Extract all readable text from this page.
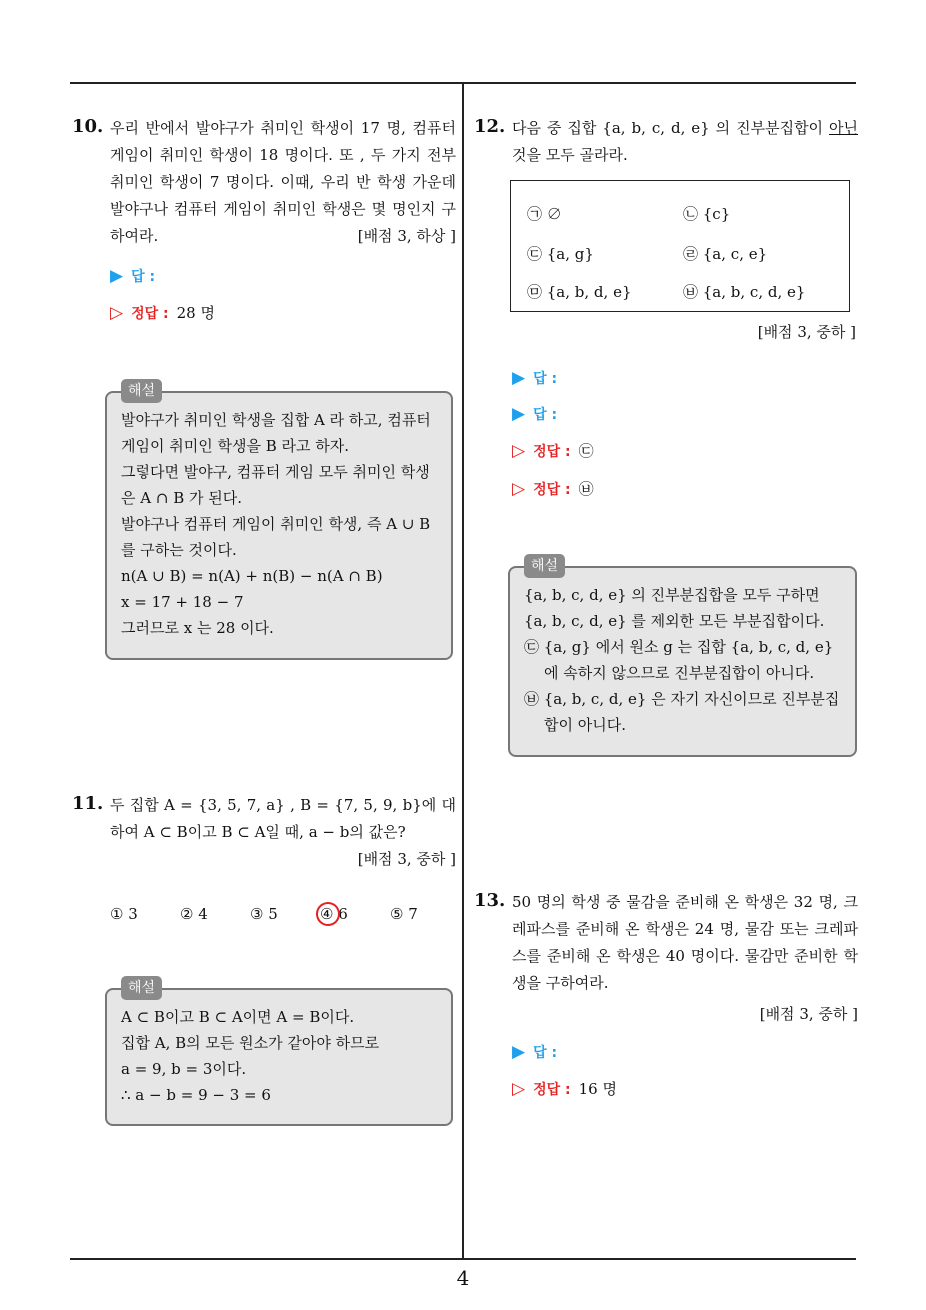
4
10. 우리 반에서 발야구가 취미인 학생이 17 명, 컴퓨터 게임이 취미인 학생이 18 명이다. 또 , 두 가지 전부 취미인 학생이 7 명이다. 이때, 우리 반 학생 가운데 발야구나 컴퓨터 게임이 취미인 학생은 몇 명인지 구하여라.	[배점 3, 하상 ]
▶ 답 :
▷ 정답 : 28 명
해설

발야구가 취미인 학생을 집합 A 라 하고, 컴퓨터 게임이 취미인 학생을 B 라고 하자.

그렇다면 발야구, 컴퓨터 게임 모두 취미인 학생은 A ∩ B 가 된다.

발야구나 컴퓨터 게임이 취미인 학생, 즉 A ∪ B 를 구하는 것이다.

n(A ∪ B) = n(A) + n(B) − n(A ∩ B)

x = 17 + 18 − 7

그러므로 x 는 28 이다.

11. 두 집합 A = {3, 5, 7, a} , B = {7, 5, 9, b}에 대하여 A ⊂ B이고 B ⊂ A일 때, a − b의 값은?
[배점 3, 중하 ]
① 3	② 4	③ 5	④ 6	⑤ 7
해설

A ⊂ B이고 B ⊂ A이면 A = B이다.

집합 A, B의 모든 원소가 같아야 하므로

a = 9, b = 3이다.

∴ a − b = 9 − 3 = 6

12. 다음 중 집합 {a, b, c, d, e} 의 진부분집합이 아닌 것을 모두 골라라.
㉠ ∅	㉡ {c}
㉢ {a, g}	㉣ {a, c, e}
㉤ {a, b, d, e}	㉥ {a, b, c, d, e}
[배점 3, 중하 ]
▶ 답 :
▶ 답 :
▷ 정답 : ㉢
▷ 정답 : ㉥
해설

{a, b, c, d, e} 의 진부분집합을 모두 구하면 {a, b, c, d, e} 를 제외한 모든 부분집합이다.

㉢ {a, g} 에서 원소 g 는 집합 {a, b, c, d, e} 에 속하지 않으므로 진부분집합이 아니다.

㉥ {a, b, c, d, e} 은 자기 자신이므로 진부분집합이 아니다.

13. 50 명의 학생 중 물감을 준비해 온 학생은 32 명, 크레파스를 준비해 온 학생은 24 명, 물감 또는 크레파스를 준비해 온 학생은 40 명이다. 물감만 준비한 학생을 구하여라.
[배점 3, 중하 ]
▶ 답 :
▷ 정답 : 16 명
